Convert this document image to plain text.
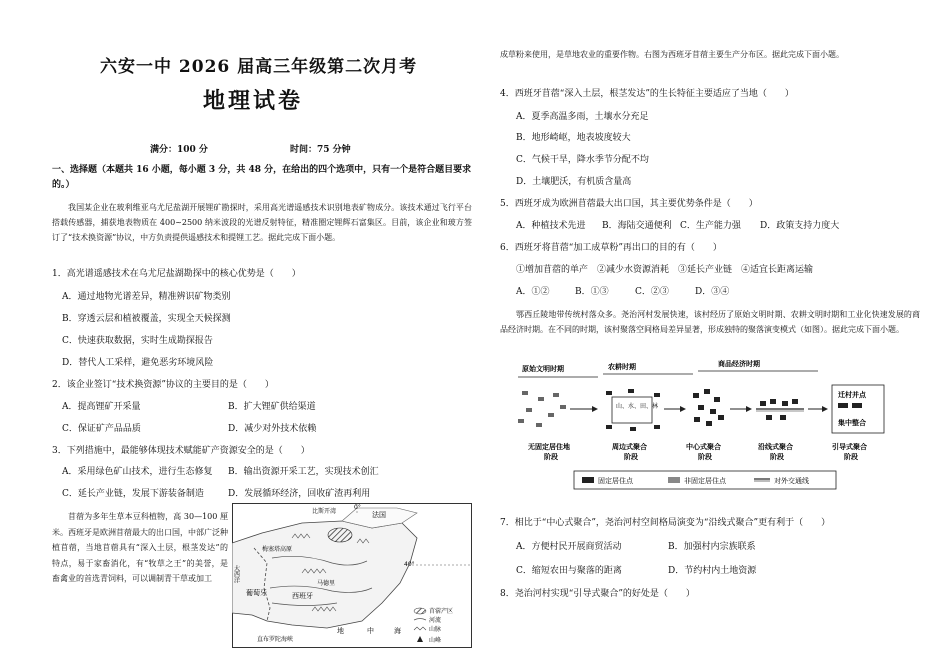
六安一中 2026 届高三年级第二次月考
地理试卷
满分：100 分	时间：75 分钟
一、选择题（本题共 16 小题，每小题 3 分，共 48 分，在给出的四个选项中，只有一个是符合题目要求的。）
我国某企业在玻利维亚乌尤尼盐湖开展锂矿勘探时，采用高光谱遥感技术识别地表矿物成分。该技术通过飞行平台搭载传感器，捕获地表物质在 400~2500 纳米波段的光谱反射特征，精准圈定锂辉石富集区。目前，该企业和玻方签订了“技术换资源”协议，中方负责提供遥感技术和提锂工艺。据此完成下面小题。
1．高光谱遥感技术在乌尤尼盐湖勘探中的核心优势是（　　）
A．通过地物光谱差异，精准辨识矿物类别
B．穿透云层和植被覆盖，实现全天候探测
C．快速获取数据，实时生成勘探报告
D．替代人工采样，避免恶劣环境风险
2．该企业签订“技术换资源”协议的主要目的是（　　）
A．提高锂矿开采量	B．扩大锂矿供给渠道
C．保证矿产品品质	D．减少对外技术依赖
3．下列措施中，最能够体现技术赋能矿产资源安全的是（　　）
A．采用绿色矿山技术，进行生态修复 B．输出资源开采工艺，实现技术创汇
C．延长产业链，发展下游装备制造	D．发展循环经济，回收矿渣再利用
苜蓿为多年生草本豆科植物，高 30—100 厘米。西班牙是欧洲苜蓿最大的出口国，中部广泛种植苜蓿，当地苜蓿具有“深入土层，根茎发达”的特点，易于家畜消化，有“牧草之王”的美誉，是畜禽业的首选青饲料，可以调制青干草或加工
比斯开湾	法国
0°
梅塞塔高原
大西洋
马德里
西班牙
葡萄牙
40°
直布罗陀海峡
地	中	海
苜蓿产区
河流
山脉
山峰
成草粉来使用，是草地农业的重要作物。右图为西班牙苜蓿主要生产分布区。据此完成下面小题。
4．西班牙苜蓿“深入土层，根茎发达”的生长特征主要适应了当地（　　）
A．夏季高温多雨，土壤水分充足
B．地形崎岖，地表坡度较大
C．气候干旱，降水季节分配不均
D．土壤肥沃，有机质含量高
5．西班牙成为欧洲苜蓿最大出口国，其主要优势条件是（　　）
A．种植技术先进 B．海陆交通便利 C．生产能力强 D．政策支持力度大
6．西班牙将苜蓿“加工成草粉”再出口的目的有（　　）
①增加苜蓿的单产　②减少水资源消耗　③延长产业链　④适宜长距离运输
A．①②	B．①③	C．②③	D．③④
鄂西丘陵地带传统村落众多。尧治河村发展快速，该村经历了原始文明时期、农耕文明时期和工业化快速发展的商品经济时期。在不同的时期，该村聚落空间格局差异显著，形成独特的聚落演变模式（如图）。据此完成下面小题。
原始文明时期	农耕时期	商品经济时期
山、水、田、林
迁村并点
集中整合
无固定居住地
阶段
周边式聚合
阶段
中心式聚合
阶段
沿线式聚合
阶段
引导式聚合
阶段
固定居住点	非固定居住点	对外交通线
7．相比于“中心式聚合”，尧治河村空间格局演变为“沿线式聚合”更有利于（　　）
A．方便村民开展商贸活动	B．加强村内宗族联系
C．缩短农田与聚落的距离	D．节约村内土地资源
8．尧治河村实现“引导式聚合”的好处是（　　）
